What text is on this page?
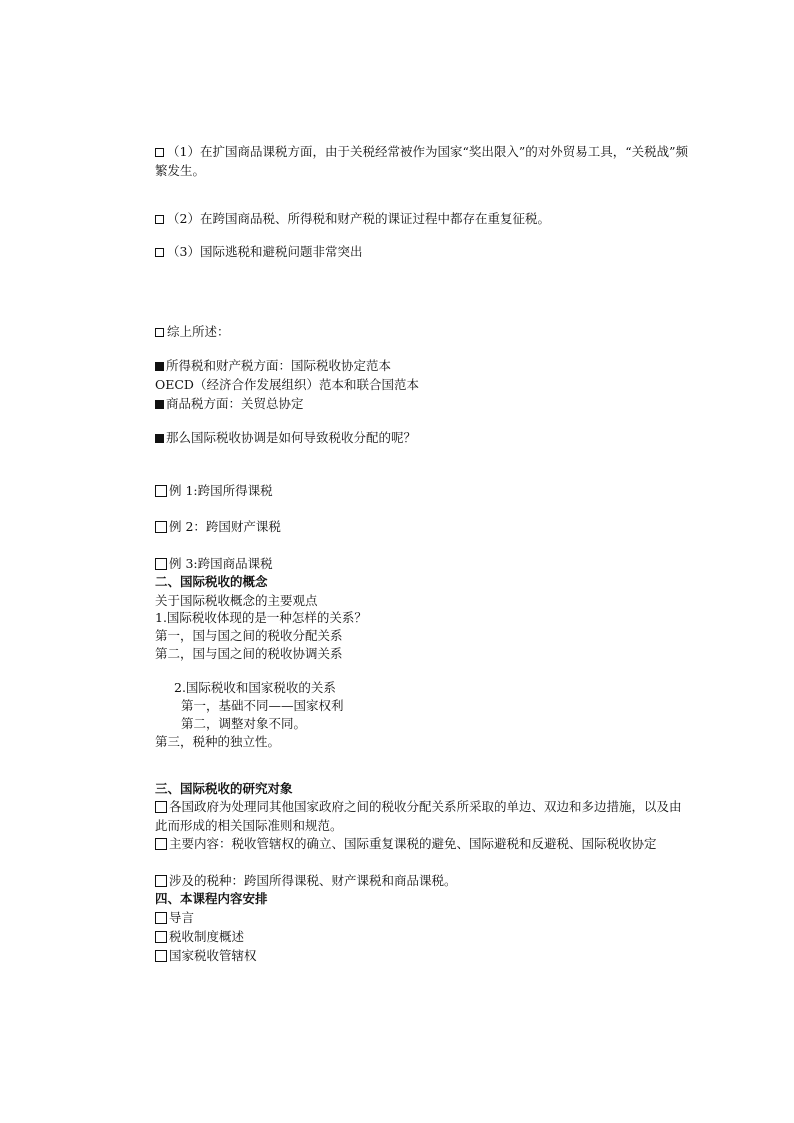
（1）在扩国商品课税方面，由于关税经常被作为国家“奖出限入”的对外贸易工具，“关税战”频繁发生。
（2）在跨国商品税、所得税和财产税的课证过程中都存在重复征税。
（3）国际逃税和避税问题非常突出
综上所述：
所得税和财产税方面：国际税收协定范本
OECD（经济合作发展组织）范本和联合国范本
商品税方面：关贸总协定
那么国际税收协调是如何导致税收分配的呢？
例 1:跨国所得课税
例 2：跨国财产课税
例 3:跨国商品课税
二、国际税收的概念
关于国际税收概念的主要观点
1.国际税收体现的是一种怎样的关系？
第一，国与国之间的税收分配关系
第二，国与国之间的税收协调关系
2.国际税收和国家税收的关系
第一，基础不同——国家权利
第二，调整对象不同。
第三，税种的独立性。
三、国际税收的研究对象
各国政府为处理同其他国家政府之间的税收分配关系所采取的单边、双边和多边措施，以及由此而形成的相关国际准则和规范。
主要内容：税收管辖权的确立、国际重复课税的避免、国际避税和反避税、国际税收协定
涉及的税种：跨国所得课税、财产课税和商品课税。
四、本课程内容安排
导言
税收制度概述
国家税收管辖权
